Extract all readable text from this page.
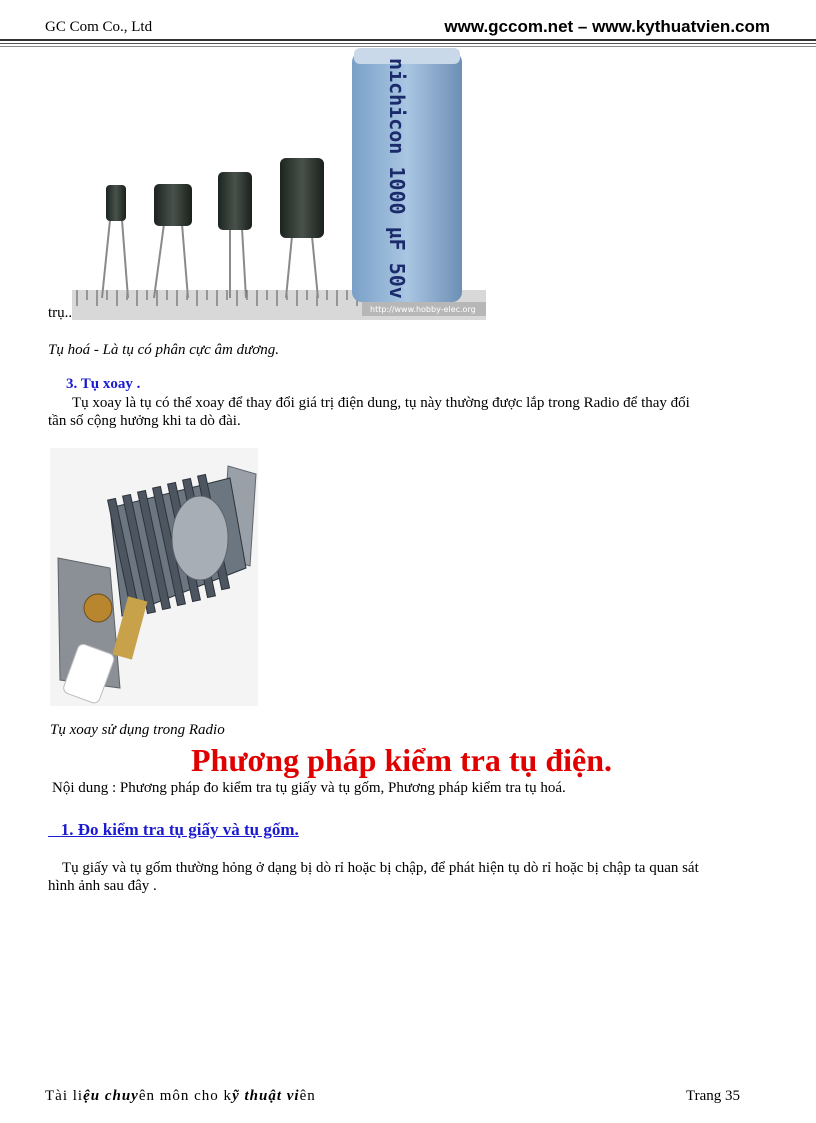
GC Com Co., Ltd	www.gccom.net – www.kythuatvien.com
trụ..
nichicon 1000 µF 50v
http://www.hobby-elec.org
Tụ hoá - Là tụ có phân cực âm dương.
3. Tụ xoay .
Tụ xoay là tụ có thể xoay để thay đổi giá trị điện dung, tụ này thường được lắp trong Radio để thay đổi
tần số cộng hưởng khi ta dò đài.
Tụ xoay sử dụng trong Radio
Phương pháp kiểm tra tụ điện.
Nội dung : Phương pháp đo kiểm tra tụ giấy và tụ gốm, Phương pháp kiểm tra tụ hoá.
1. Đo kiểm tra tụ giấy và tụ gốm.
Tụ giấy và tụ gốm thường hỏng ở dạng bị dò rỉ hoặc bị chập, để phát hiện tụ dò rỉ hoặc bị chập ta quan sát
hình ảnh sau đây .
Tài liệu chuyên môn cho kỹ thuật viên	Trang 35
